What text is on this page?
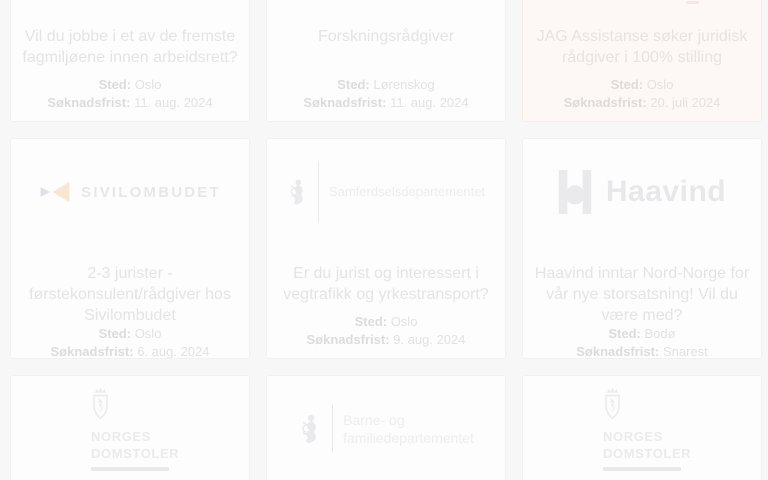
Vil du jobbe i et av de fremste fagmiljøene innen arbeidsrett?
Sted: Oslo
Søknadsfrist: 11. aug. 2024
Forskningsrådgiver
Sted: Lørenskog
Søknadsfrist: 11. aug. 2024
JAG Assistanse søker juridisk rådgiver i 100% stilling
Sted: Oslo
Søknadsfrist: 20. juli 2024
SIVILOMBUDET
2-3 jurister - førstekonsulent/rådgiver hos Sivilombudet
Sted: Oslo
Søknadsfrist: 6. aug. 2024
Samferdselsdepartementet
Er du jurist og interessert i vegtrafikk og yrkestransport?
Sted: Oslo
Søknadsfrist: 9. aug. 2024
Haavind
Haavind inntar Nord-Norge for vår nye storsatsning! Vil du være med?
Sted: Bodø
Søknadsfrist: Snarest
NORGES
DOMSTOLER
Barne- og
familiedepartementet	NORGES
DOMSTOLER
